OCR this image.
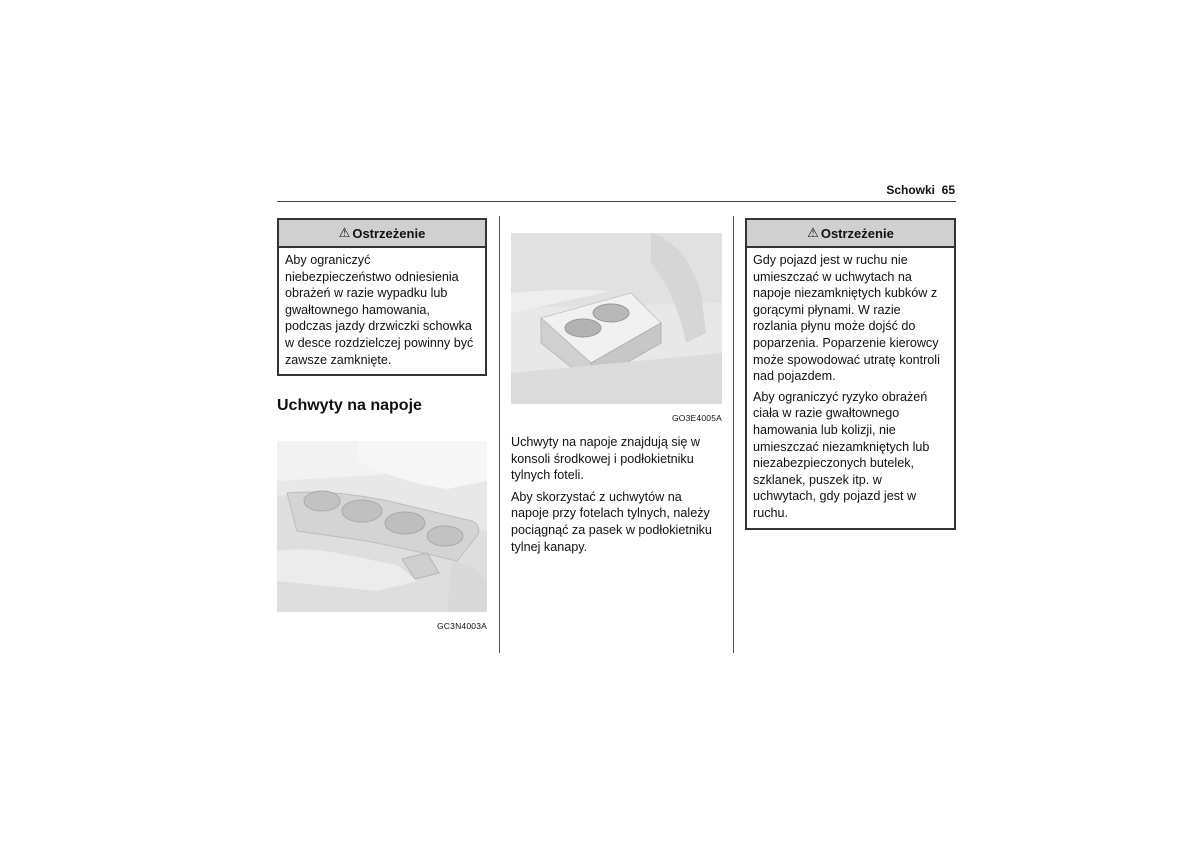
Schowki 65
⚠ Ostrzeżenie

Aby ograniczyć niebezpieczeństwo odniesienia obrażeń w razie wypadku lub gwałtownego hamowania, podczas jazdy drzwiczki schowka w desce rozdzielczej powinny być zawsze zamknięte.

Uchwyty na napoje
GC3N4003A
GO3E4005A

Uchwyty na napoje znajdują się w konsoli środkowej i podłokietniku tylnych foteli.

Aby skorzystać z uchwytów na napoje przy fotelach tylnych, należy pociągnąć za pasek w podłokietniku tylnej kanapy.

⚠ Ostrzeżenie

Gdy pojazd jest w ruchu nie umieszczać w uchwytach na napoje niezamkniętych kubków z gorącymi płynami. W razie rozlania płynu może dojść do poparzenia. Poparzenie kierowcy może spowodować utratę kontroli nad pojazdem.

Aby ograniczyć ryzyko obrażeń ciała w razie gwałtownego hamowania lub kolizji, nie umieszczać niezamkniętych lub niezabezpieczonych butelek, szklanek, puszek itp. w uchwytach, gdy pojazd jest w ruchu.
